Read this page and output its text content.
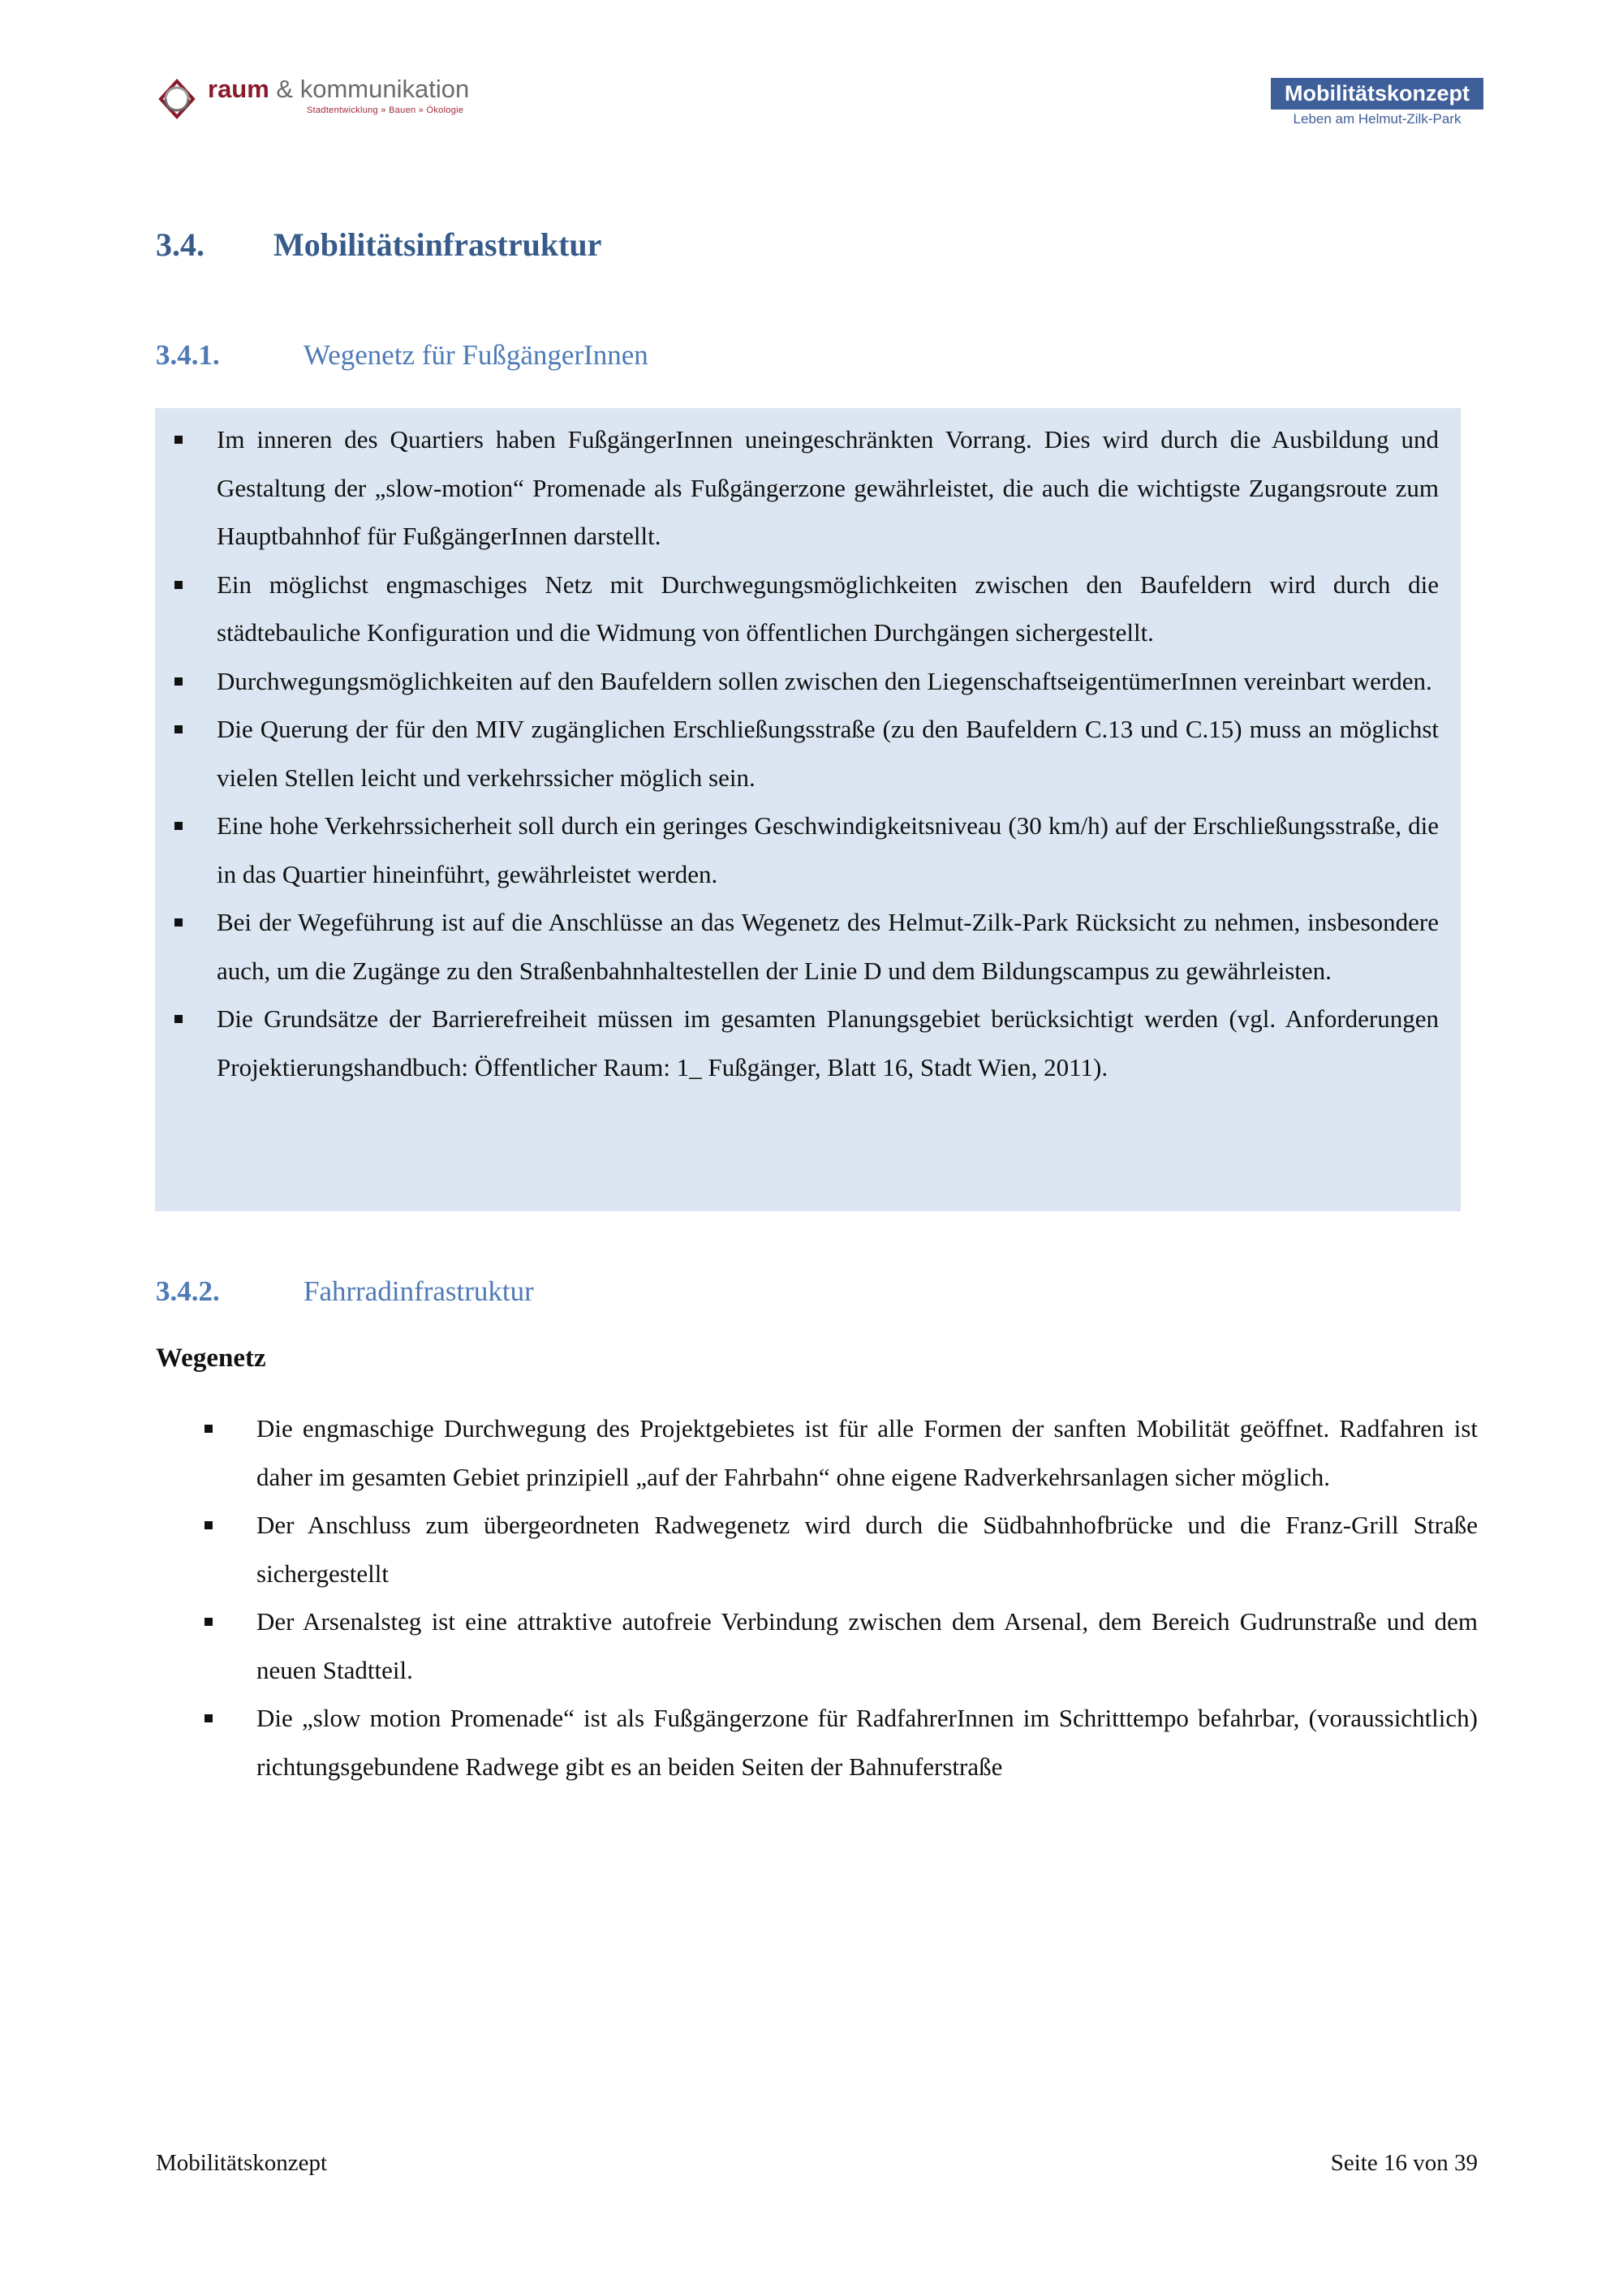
raum & kommunikation
Stadtentwicklung » Bauen » Ökologie
Mobilitätskonzept
Leben am Helmut-Zilk-Park
3.4.	Mobilitätsinfrastruktur
3.4.1.	Wegenetz für FußgängerInnen
Im inneren des Quartiers haben FußgängerInnen uneingeschränkten Vorrang. Dies wird durch die Ausbildung und Gestaltung der „slow-motion“ Promenade als Fußgängerzone gewährleistet, die auch die wichtigste Zugangsroute zum Hauptbahnhof für FußgängerInnen darstellt.
Ein möglichst engmaschiges Netz mit Durchwegungsmöglichkeiten zwischen den Baufeldern wird durch die städtebauliche Konfiguration und die Widmung von öffentlichen Durchgängen sichergestellt.
Durchwegungsmöglichkeiten auf den Baufeldern sollen zwischen den LiegenschaftseigentümerInnen vereinbart werden.
Die Querung der für den MIV zugänglichen Erschließungsstraße (zu den Baufeldern C.13 und C.15) muss an möglichst vielen Stellen leicht und verkehrssicher möglich sein.
Eine hohe Verkehrssicherheit soll durch ein geringes Geschwindigkeitsniveau (30 km/h) auf der Erschließungsstraße, die in das Quartier hineinführt, gewährleistet werden.
Bei der Wegeführung ist auf die Anschlüsse an das Wegenetz des Helmut-Zilk-Park Rücksicht zu nehmen, insbesondere auch, um die Zugänge zu den Straßenbahnhaltestellen der Linie D und dem Bildungscampus zu gewährleisten.
Die Grundsätze der Barrierefreiheit müssen im gesamten Planungsgebiet berücksichtigt werden (vgl. Anforderungen Projektierungshandbuch: Öffentlicher Raum: 1_ Fußgänger, Blatt 16, Stadt Wien, 2011).
3.4.2.	Fahrradinfrastruktur
Wegenetz
Die engmaschige Durchwegung des Projektgebietes ist für alle Formen der sanften Mobilität geöffnet. Radfahren ist daher im gesamten Gebiet prinzipiell „auf der Fahrbahn“ ohne eigene Radverkehrsanlagen sicher möglich.
Der Anschluss zum übergeordneten Radwegenetz wird durch die Südbahnhofbrücke und die Franz-Grill Straße sichergestellt
Der Arsenalsteg ist eine attraktive autofreie Verbindung zwischen dem Arsenal, dem Bereich Gudrunstraße und dem neuen Stadtteil.
Die „slow motion Promenade“ ist als Fußgängerzone für RadfahrerInnen im Schritttempo befahrbar, (voraussichtlich) richtungsgebundene Radwege gibt es an beiden Seiten der Bahnuferstraße
Mobilitätskonzept	Seite 16 von 39
